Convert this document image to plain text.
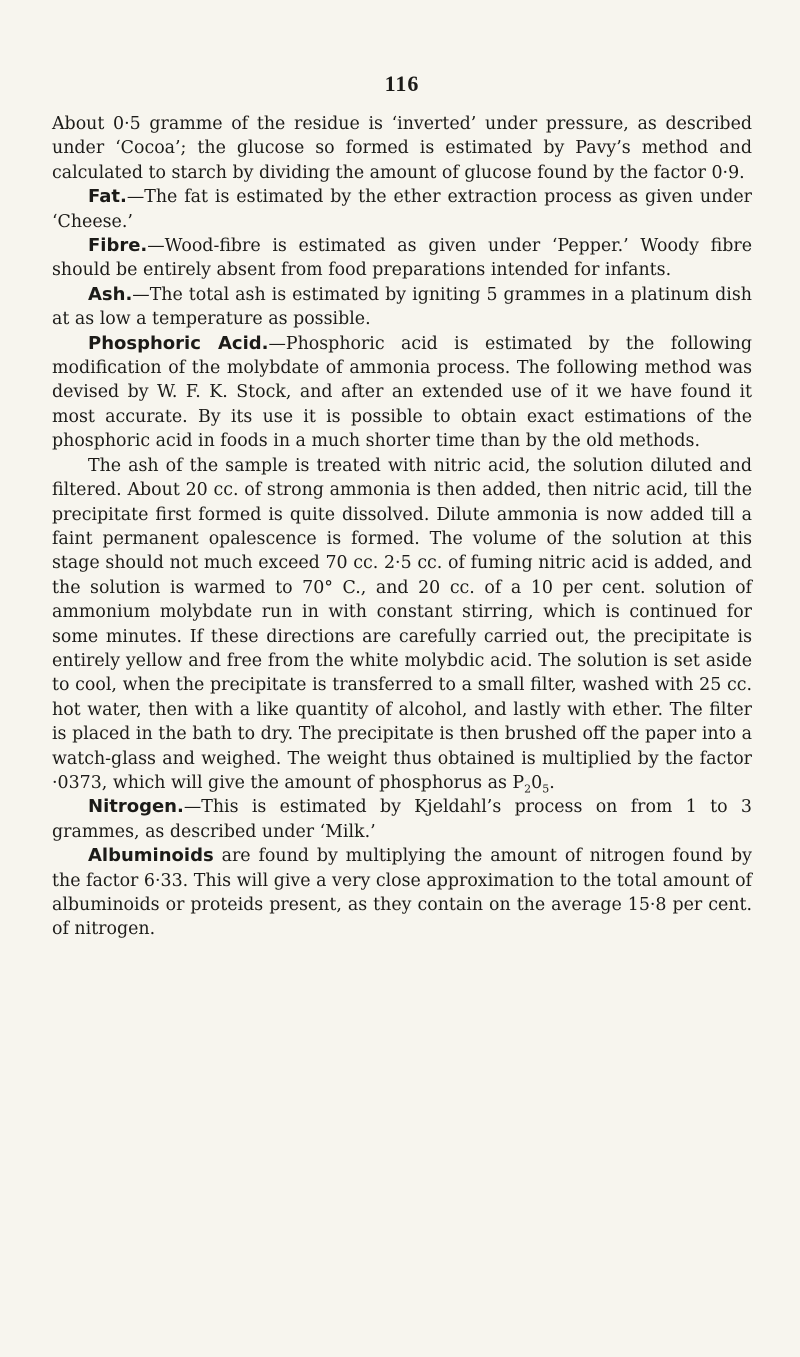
116

About 0·5 gramme of the residue is ‘inverted’ under pressure, as described under ‘Cocoa’; the glucose so formed is estimated by Pavy’s method and calculated to starch by dividing the amount of glucose found by the factor 0·9.

Fat.—The fat is estimated by the ether extraction process as given under ‘Cheese.’

Fibre.—Wood-fibre is estimated as given under ‘Pepper.’ Woody fibre should be entirely absent from food preparations intended for infants.

Ash.—The total ash is estimated by igniting 5 grammes in a platinum dish at as low a temperature as possible.

Phosphoric Acid.—Phosphoric acid is estimated by the following modification of the molybdate of ammonia process. The following method was devised by W. F. K. Stock, and after an extended use of it we have found it most accurate. By its use it is possible to obtain exact estimations of the phosphoric acid in foods in a much shorter time than by the old methods.

The ash of the sample is treated with nitric acid, the solution diluted and filtered. About 20 cc. of strong ammonia is then added, then nitric acid, till the precipitate first formed is quite dissolved. Dilute ammonia is now added till a faint permanent opalescence is formed. The volume of the solution at this stage should not much exceed 70 cc. 2·5 cc. of fuming nitric acid is added, and the solution is warmed to 70° C., and 20 cc. of a 10 per cent. solution of ammonium molybdate run in with constant stirring, which is continued for some minutes. If these directions are carefully carried out, the precipitate is entirely yellow and free from the white molybdic acid. The solution is set aside to cool, when the precipitate is transferred to a small filter, washed with 25 cc. hot water, then with a like quantity of alcohol, and lastly with ether. The filter is placed in the bath to dry. The precipitate is then brushed off the paper into a watch-glass and weighed. The weight thus obtained is multiplied by the factor ·0373, which will give the amount of phosphorus as $P_20_5$.

Nitrogen.—This is estimated by Kjeldahl’s process on from 1 to 3 grammes, as described under ‘Milk.’

Albuminoids are found by multiplying the amount of nitrogen found by the factor 6·33. This will give a very close approximation to the total amount of albuminoids or proteids present, as they contain on the average 15·8 per cent. of nitrogen.
